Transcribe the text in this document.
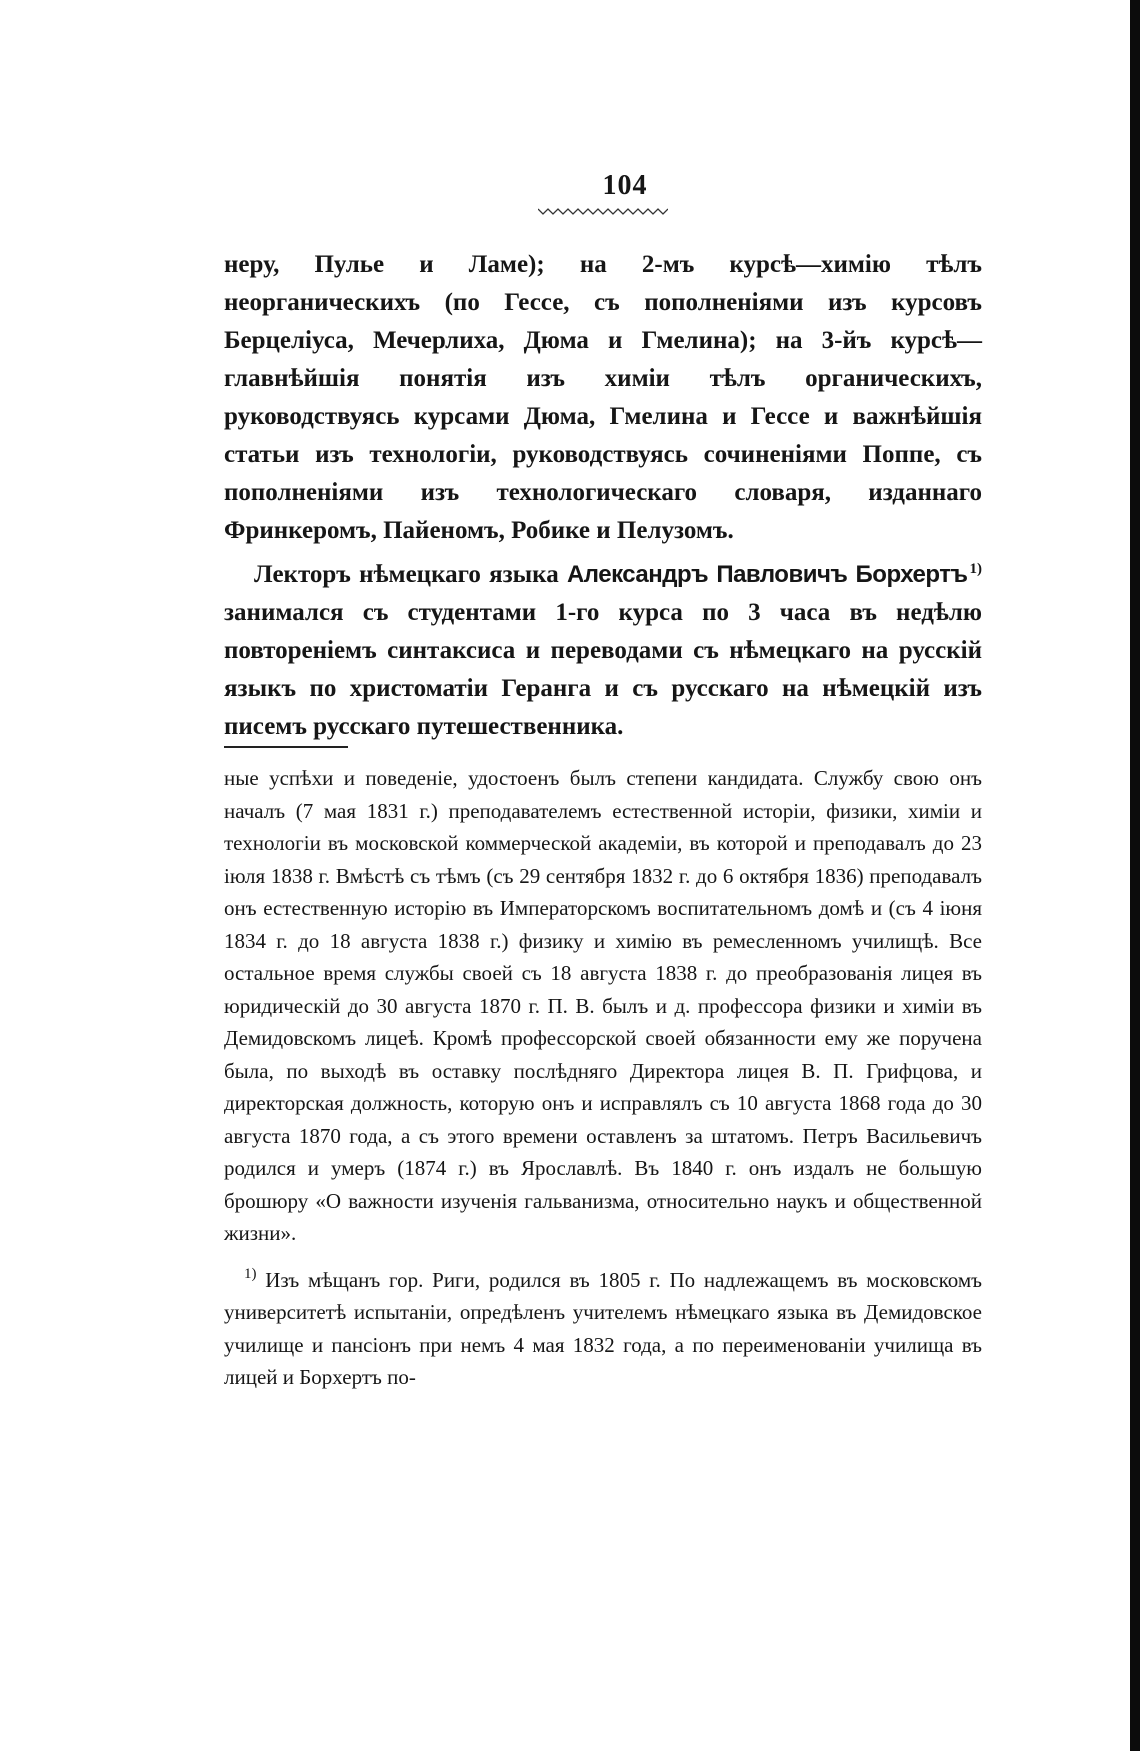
104

неру, Пулье и Ламе); на 2-мъ курсѣ—химію тѣлъ неорганическихъ (по Гессе, съ пополненіями изъ курсовъ Берцеліуса, Мечерлиха, Дюма и Гмелина); на 3-йъ курсѣ—главнѣйшія понятія изъ химіи тѣлъ органическихъ, руководствуясь курсами Дюма, Гмелина и Гессе и важнѣйшія статьи изъ технологіи, руководствуясь сочиненіями Поппе, съ пополненіями изъ технологическаго словаря, изданнаго Фринкеромъ, Пайеномъ, Робике и Пелузомъ.

Лекторъ нѣмецкаго языка Александръ Павловичъ Борхертъ $^{1)}$ занимался съ студентами 1-го курса по 3 часа въ недѣлю повтореніемъ синтаксиса и переводами съ нѣмецкаго на русскій языкъ по христоматіи Геранга и съ русскаго на нѣмецкій изъ писемъ русскаго путешественника.

ные успѣхи и поведеніе, удостоенъ былъ степени кандидата. Службу свою онъ началъ (7 мая 1831 г.) преподавателемъ естественной исторіи, физики, химіи и технологіи въ московской коммерческой академіи, въ которой и преподавалъ до 23 іюля 1838 г. Вмѣстѣ съ тѣмъ (съ 29 сентября 1832 г. до 6 октября 1836) преподавалъ онъ естественную исторію въ Императорскомъ воспитательномъ домѣ и (съ 4 іюня 1834 г. до 18 августа 1838 г.) физику и химію въ ремесленномъ училищѣ. Все остальное время службы своей съ 18 августа 1838 г. до преобразованія лицея въ юридическій до 30 августа 1870 г. П. В. былъ и д. профессора физики и химіи въ Демидовскомъ лицеѣ. Кромѣ профессорской своей обязанности ему же поручена была, по выходѣ въ оставку послѣдняго Директора лицея В. П. Грифцова, и директорская должность, которую онъ и исправлялъ съ 10 августа 1868 года до 30 августа 1870 года, а съ этого времени оставленъ за штатомъ. Петръ Васильевичъ родился и умеръ (1874 г.) въ Ярославлѣ. Въ 1840 г. онъ издалъ не большую брошюру «О важности изученія гальванизма, относительно наукъ и общественной жизни».

$^{1)}$ Изъ мѣщанъ гор. Риги, родился въ 1805 г. По надлежащемъ въ московскомъ университетѣ испытаніи, опредѣленъ учителемъ нѣмецкаго языка въ Демидовское училище и пансіонъ при немъ 4 мая 1832 года, а по переименованіи училища въ лицей и Борхертъ по-
